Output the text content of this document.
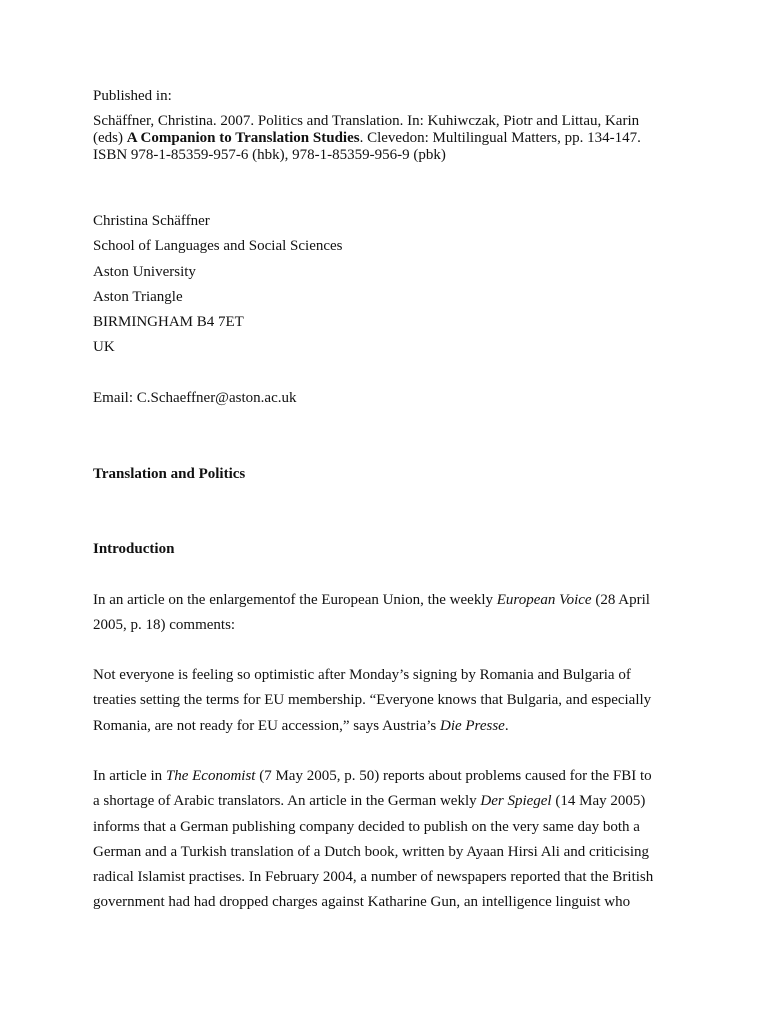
Published in:
Schäffner, Christina. 2007. Politics and Translation. In: Kuhiwczak, Piotr and Littau, Karin
(eds) A Companion to Translation Studies. Clevedon: Multilingual Matters, pp. 134-147.
ISBN 978-1-85359-957-6 (hbk), 978-1-85359-956-9 (pbk)
Christina Schäffner
School of Languages and Social Sciences
Aston University
Aston Triangle
BIRMINGHAM B4 7ET
UK
Email: C.Schaeffner@aston.ac.uk
Translation and Politics
Introduction
In an article on the enlargementof the European Union, the weekly European Voice (28 April
2005, p. 18) comments:
Not everyone is feeling so optimistic after Monday’s signing by Romania and Bulgaria of
treaties setting the terms for EU membership. “Everyone knows that Bulgaria, and especially
Romania, are not ready for EU accession,” says Austria’s Die Presse.
In article in The Economist (7 May 2005, p. 50) reports about problems caused for the FBI to
a shortage of Arabic translators. An article in the German wekly Der Spiegel (14 May 2005)
informs that a German publishing company decided to publish on the very same day both a
German and a Turkish translation of a Dutch book, written by Ayaan Hirsi Ali and criticising
radical Islamist practises. In February 2004, a number of newspapers reported that the British
government had had dropped charges against Katharine Gun, an intelligence linguist who
